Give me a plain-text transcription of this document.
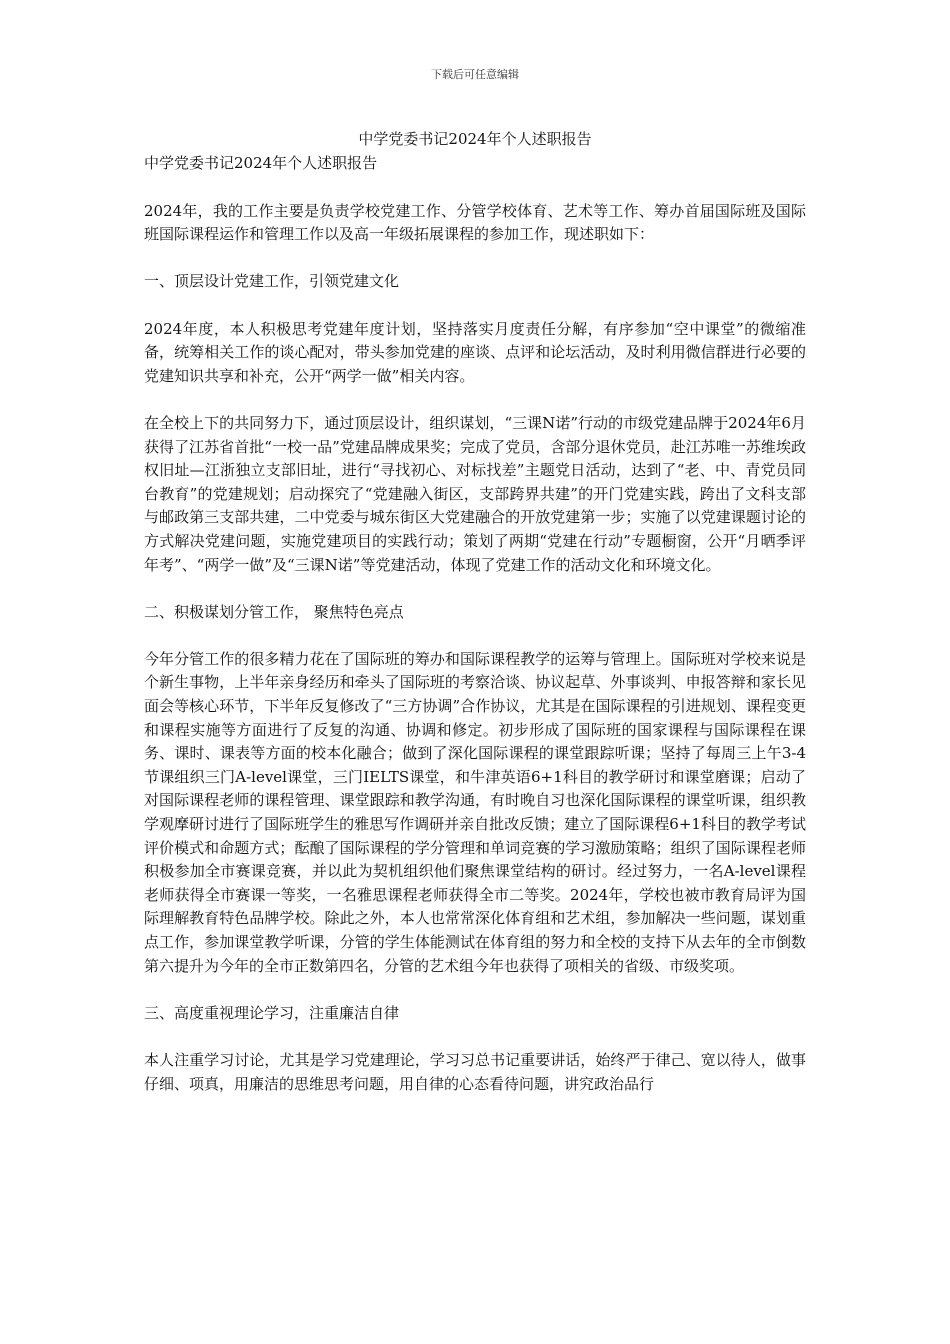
下载后可任意编辑
中学党委书记2024年个人述职报告

中学党委书记2024年个人述职报告

2024年，我的工作主要是负责学校党建工作、分管学校体育、艺术等工作、筹办首届国际班及国际班国际课程运作和管理工作以及高一年级拓展课程的参加工作，现述职如下：

一、顶层设计党建工作，引领党建文化

2024年度，本人积极思考党建年度计划，坚持落实月度责任分解，有序参加“空中课堂”的微缩准备，统筹相关工作的谈心配对，带头参加党建的座谈、点评和论坛活动，及时利用微信群进行必要的党建知识共享和补充，公开“两学一做”相关内容。

在全校上下的共同努力下，通过顶层设计，组织谋划，“三课N诺”行动的市级党建品牌于2024年6月获得了江苏省首批“一校一品”党建品牌成果奖；完成了党员，含部分退休党员，赴江苏唯一苏维埃政权旧址—江浙独立支部旧址，进行“寻找初心、对标找差”主题党日活动，达到了“老、中、青党员同台教育”的党建规划；启动探究了“党建融入街区，支部跨界共建”的开门党建实践，跨出了文科支部与邮政第三支部共建，二中党委与城东街区大党建融合的开放党建第一步；实施了以党建课题讨论的方式解决党建问题，实施党建项目的实践行动；策划了两期“党建在行动”专题橱窗，公开“月晒季评年考”、“两学一做”及“三课N诺”等党建活动，体现了党建工作的活动文化和环境文化。

二、积极谋划分管工作， 聚焦特色亮点

今年分管工作的很多精力花在了国际班的筹办和国际课程教学的运筹与管理上。国际班对学校来说是个新生事物，上半年亲身经历和牵头了国际班的考察洽谈、协议起草、外事谈判、申报答辩和家长见面会等核心环节，下半年反复修改了“三方协调”合作协议，尤其是在国际课程的引进规划、课程变更和课程实施等方面进行了反复的沟通、协调和修定。初步形成了国际班的国家课程与国际课程在课务、课时、课表等方面的校本化融合；做到了深化国际课程的课堂跟踪听课；坚持了每周三上午3-4节课组织三门A-level课堂，三门IELTS课堂，和牛津英语6+1科目的教学研讨和课堂磨课；启动了对国际课程老师的课程管理、课堂跟踪和教学沟通，有时晚自习也深化国际课程的课堂听课，组织教学观摩研讨进行了国际班学生的雅思写作调研并亲自批改反馈；建立了国际课程6+1科目的教学考试评价模式和命题方式；酝酿了国际课程的学分管理和单词竞赛的学习激励策略；组织了国际课程老师积极参加全市赛课竞赛，并以此为契机组织他们聚焦课堂结构的研讨。经过努力，一名A-level课程老师获得全市赛课一等奖，一名雅思课程老师获得全市二等奖。2024年，学校也被市教育局评为国际理解教育特色品牌学校。除此之外，本人也常常深化体育组和艺术组，参加解决一些问题，谋划重点工作，参加课堂教学听课，分管的学生体能测试在体育组的努力和全校的支持下从去年的全市倒数第六提升为今年的全市正数第四名，分管的艺术组今年也获得了项相关的省级、市级奖项。

三、高度重视理论学习，注重廉洁自律

本人注重学习讨论，尤其是学习党建理论，学习习总书记重要讲话，始终严于律己、宽以待人，做事仔细、项真，用廉洁的思维思考问题，用自律的心态看待问题，讲究政治品行
